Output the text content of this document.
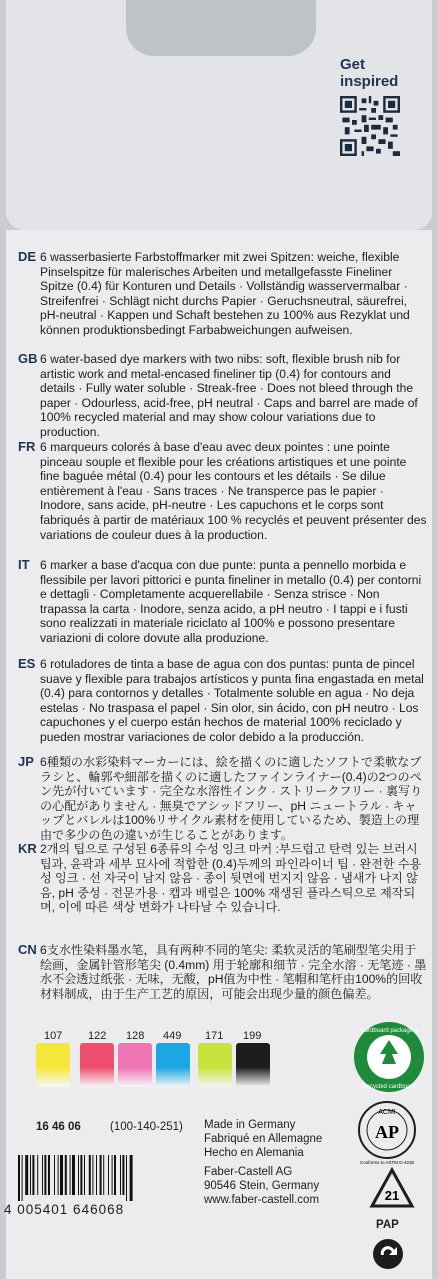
Get
inspired
DE 6 wasserbasierte Farbstoffmarker mit zwei Spitzen: weiche, flexible Pinselspitze für malerisches Arbeiten und metallgefasste Fineliner Spitze (0.4) für Konturen und Details · Vollständig wasservermalbar · Streifenfrei · Schlägt nicht durchs Papier · Geruchsneutral, säurefrei, pH-neutral · Kappen und Schaft bestehen zu 100% aus Rezyklat und können produktionsbedingt Farbabweichungen aufweisen.
GB 6 water-based dye markers with two nibs: soft, flexible brush nib for artistic work and metal-encased fineliner tip (0.4) for contours and details · Fully water soluble · Streak-free · Does not bleed through the paper · Odourless, acid-free, pH neutral · Caps and barrel are made of 100% recycled material and may show colour variations due to production.
FR 6 marqueurs colorés à base d'eau avec deux pointes : une pointe pinceau souple et flexible pour les créations artistiques et une pointe fine baguée métal (0.4) pour les contours et les détails · Se dilue entièrement à l'eau · Sans traces · Ne transperce pas le papier · Inodore, sans acide, pH-neutre · Les capuchons et le corps sont fabriqués à partir de matériaux 100 % recyclés et peuvent présenter des variations de couleur dues à la production.
IT 6 marker a base d'acqua con due punte: punta a pennello morbida e flessibile per lavori pittorici e punta fineliner in metallo (0.4) per contorni e dettagli · Completamente acquerellabile · Senza strisce · Non trapassa la carta · Inodore, senza acido, a pH neutro · I tappi e i fusti sono realizzati in materiale riciclato al 100% e possono presentare variazioni di colore dovute alla produzione.
ES 6 rotuladores de tinta a base de agua con dos puntas: punta de pincel suave y flexible para trabajos artísticos y punta fina engastada en metal (0.4) para contornos y detalles · Totalmente soluble en agua · No deja estelas · No traspasa el papel · Sin olor, sin ácido, con pH neutro · Los capuchones y el cuerpo están hechos de material 100% reciclado y pueden mostrar variaciones de color debido a la producción.
JP 6種類の水彩染料マーカーには、絵を描くのに適したソフトで柔軟なブラシと、輪郭や細部を描くのに適したファインライナー(0.4)の2つのペン先が付いています · 完全な水溶性インク · ストリークフリー · 裏写りの心配がありません · 無臭でアシッドフリー、pH ニュートラル · キャップとバレルは100%リサイクル素材を使用しているため、製造上の理由で多少の色の違いが生じることがあります。
KR 2개의 팁으로 구성된 6종류의 수성 잉크 마커 :부드럽고 탄력 있는 브러시 팁과, 윤곽과 세부 묘사에 적합한 (0.4)두께의 파인라이너 팁 · 완전한 수용성 잉크 · 선 자국이 남지 않음 · 종이 뒷면에 번지지 않음 · 냄새가 나지 않음, pH 중성 · 전문가용 · 캡과 배럴은 100% 재생된 플라스틱으로 제작되며, 이에 따른 색상 변화가 나타날 수 있습니다.
CN 6支水性染料墨水笔，具有两种不同的笔尖: 柔软灵活的笔刷型笔尖用于绘画，金属针管形笔尖 (0.4mm) 用于轮廓和细节 · 完全水溶 · 无笔迹 · 墨水不会透过纸张 · 无味，无酸，pH值为中性 · 笔帽和笔杆由100%的回收材料制成，由于生产工艺的原因，可能会出现少量的颜色偏差。
107 122 128 449 171 199	Cardboard packaging
Recycled cardboard
ACMI
AP
Conforms to ASTM D-4236
16 46 06	(100-140-251) Made in Germany
Fabriqué en Allemagne
Hecho en Alemania
Faber-Castell AG
90546 Stein, Germany
www.faber-castell.com
4 005401 646068
21
PAP
